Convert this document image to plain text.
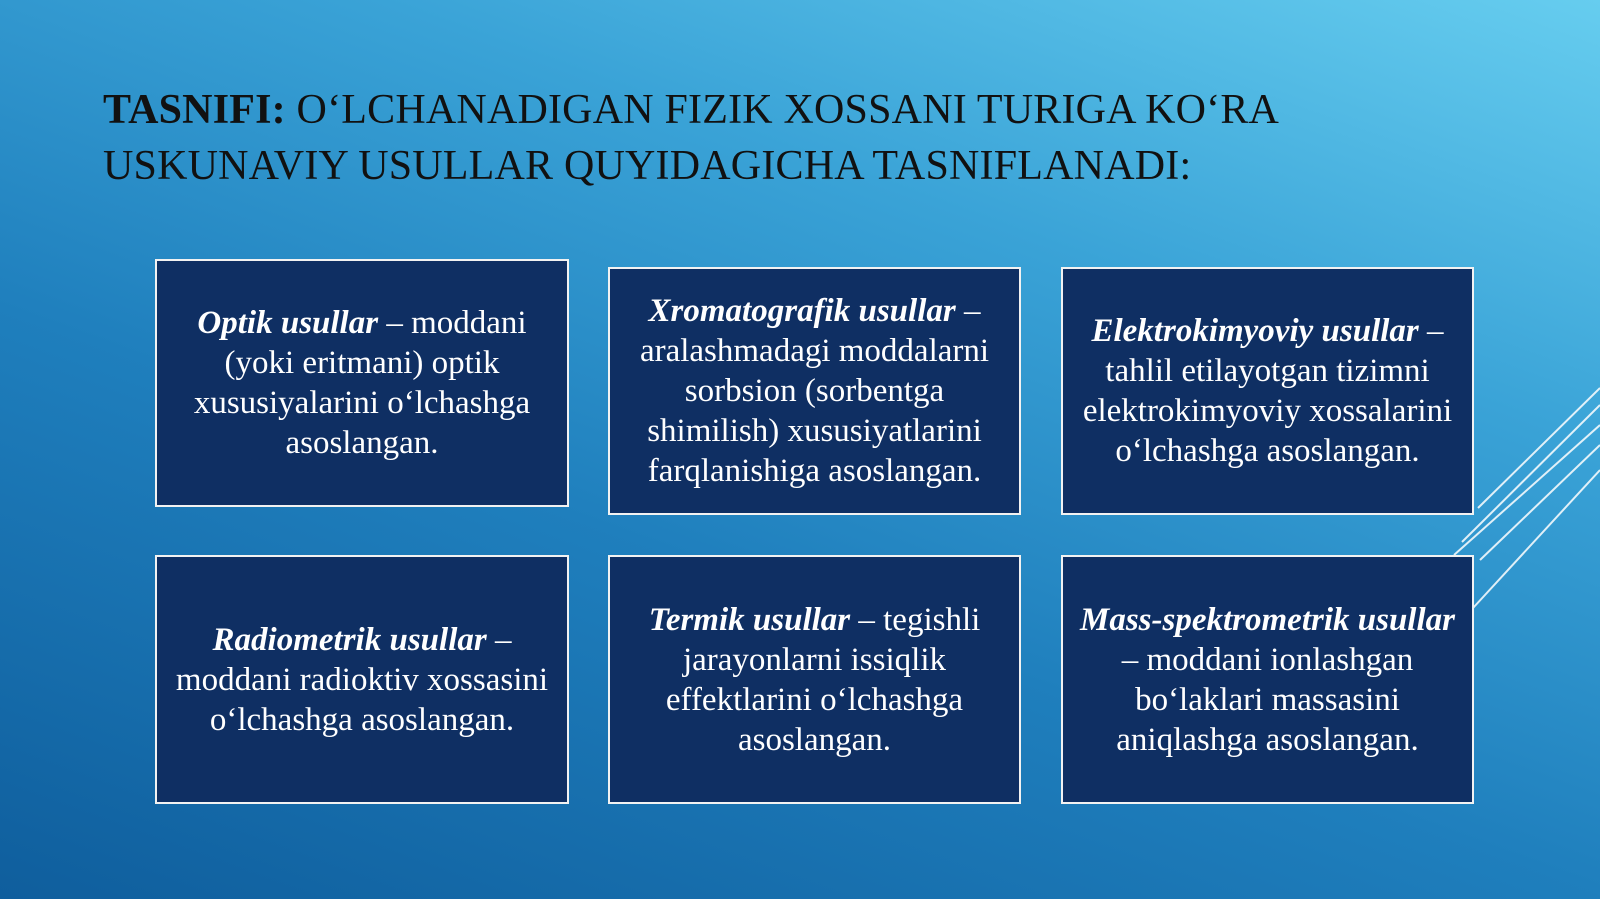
TASNIFI: O‘LCHANADIGAN FIZIK XOSSANI TURIGA KO‘RA USKUNAVIY USULLAR QUYIDAGICHA TASNIFLANADI:
Optik usullar – moddani (yoki eritmani) optik xususiyalarini o‘lchashga asoslangan.
Xromatografik usullar – aralashmadagi moddalarni sorbsion (sorbentga shimilish) xususiyatlarini farqlanishiga asoslangan.
Elektrokimyoviy usullar – tahlil etilayotgan tizimni elektrokimyoviy xossalarini o‘lchashga asoslangan.
Radiometrik usullar – moddani radioktiv xossasini o‘lchashga asoslangan.
Termik usullar – tegishli jarayonlarni issiqlik effektlarini o‘lchashga asoslangan.
Mass-spektrometrik usullar – moddani ionlashgan bo‘laklari massasini aniqlashga asoslangan.
